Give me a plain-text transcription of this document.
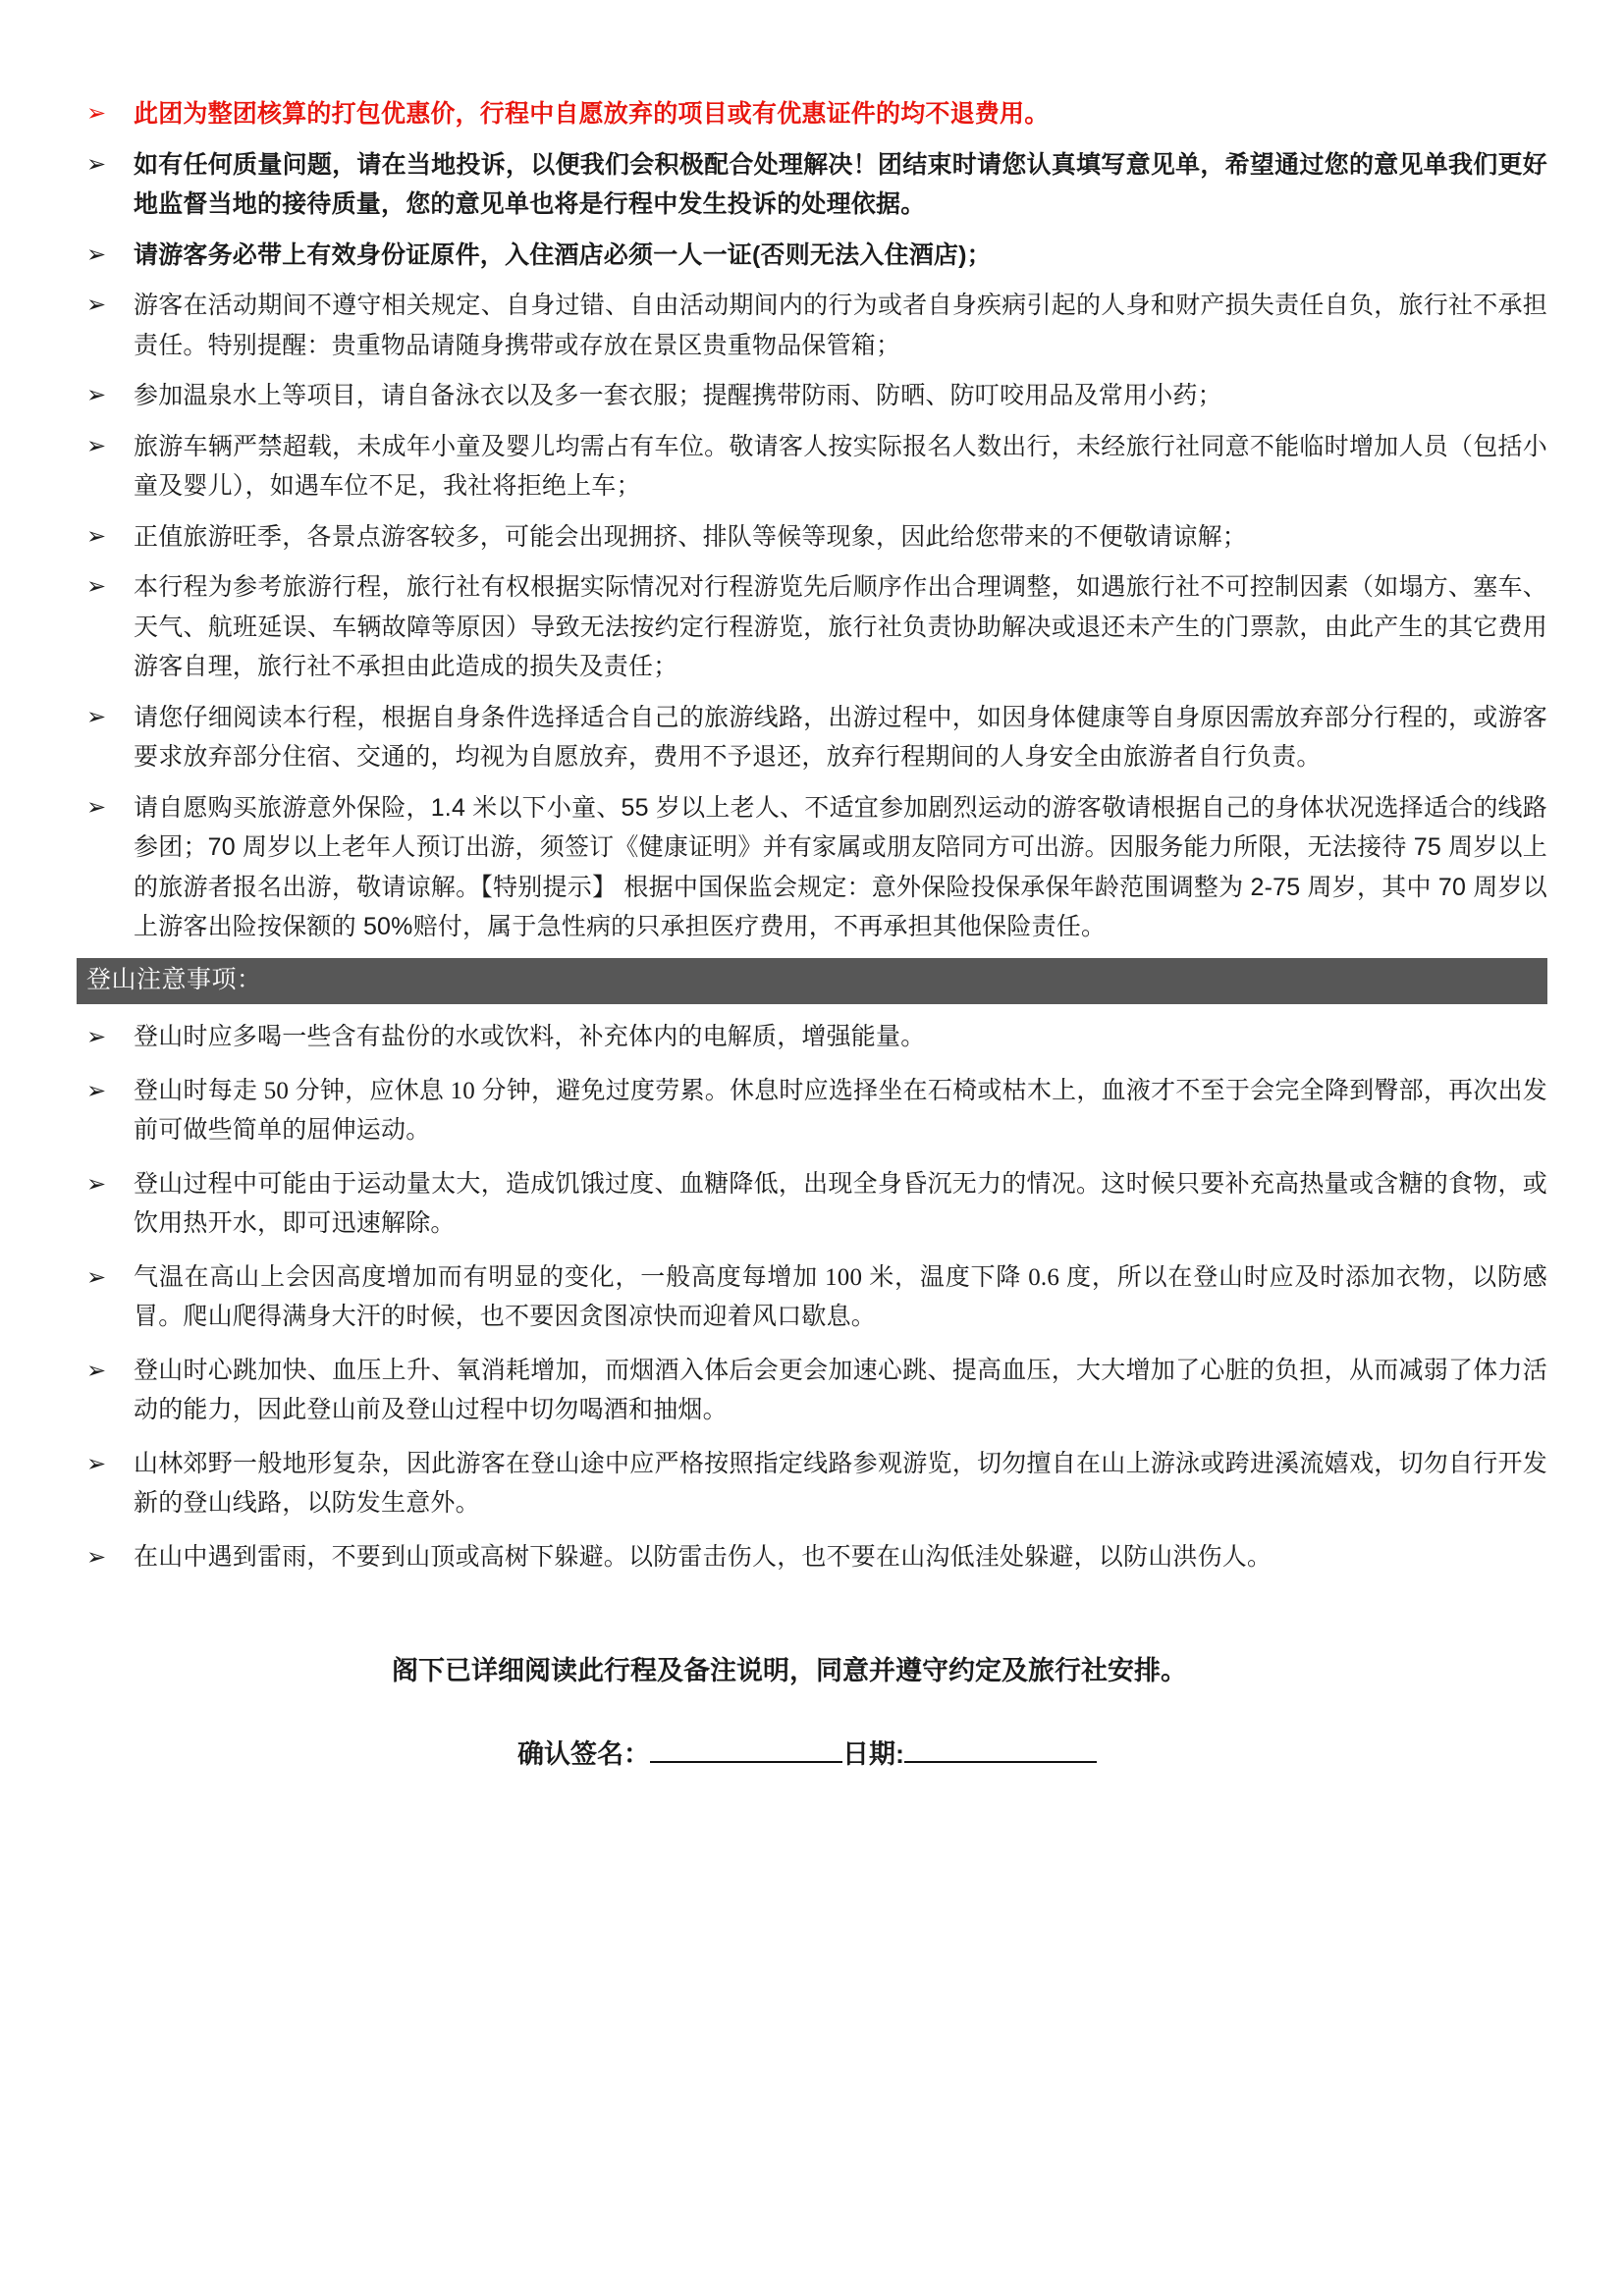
➢	此团为整团核算的打包优惠价，行程中自愿放弃的项目或有优惠证件的均不退费用。
➢	如有任何质量问题，请在当地投诉，以便我们会积极配合处理解决！团结束时请您认真填写意见单，希望通过您的意见单我们更好地监督当地的接待质量，您的意见单也将是行程中发生投诉的处理依据。
➢	请游客务必带上有效身份证原件，入住酒店必须一人一证(否则无法入住酒店)；
➢	游客在活动期间不遵守相关规定、自身过错、自由活动期间内的行为或者自身疾病引起的人身和财产损失责任自负，旅行社不承担责任。特别提醒：贵重物品请随身携带或存放在景区贵重物品保管箱；
➢	参加温泉水上等项目，请自备泳衣以及多一套衣服；提醒携带防雨、防晒、防叮咬用品及常用小药；
➢	旅游车辆严禁超载，未成年小童及婴儿均需占有车位。敬请客人按实际报名人数出行，未经旅行社同意不能临时增加人员（包括小童及婴儿），如遇车位不足，我社将拒绝上车；
➢	正值旅游旺季，各景点游客较多，可能会出现拥挤、排队等候等现象，因此给您带来的不便敬请谅解；
➢	本行程为参考旅游行程，旅行社有权根据实际情况对行程游览先后顺序作出合理调整，如遇旅行社不可控制因素（如塌方、塞车、天气、航班延误、车辆故障等原因）导致无法按约定行程游览，旅行社负责协助解决或退还未产生的门票款，由此产生的其它费用游客自理，旅行社不承担由此造成的损失及责任；
➢	请您仔细阅读本行程，根据自身条件选择适合自己的旅游线路，出游过程中，如因身体健康等自身原因需放弃部分行程的，或游客要求放弃部分住宿、交通的，均视为自愿放弃，费用不予退还，放弃行程期间的人身安全由旅游者自行负责。
➢	请自愿购买旅游意外保险，1.4 米以下小童、55 岁以上老人、不适宜参加剧烈运动的游客敬请根据自己的身体状况选择适合的线路参团；70 周岁以上老年人预订出游，须签订《健康证明》并有家属或朋友陪同方可出游。因服务能力所限，无法接待 75 周岁以上的旅游者报名出游，敬请谅解。【特别提示】 根据中国保监会规定：意外保险投保承保年龄范围调整为 2-75 周岁，其中 70 周岁以上游客出险按保额的 50%赔付，属于急性病的只承担医疗费用，不再承担其他保险责任。
登山注意事项：
➢	登山时应多喝一些含有盐份的水或饮料，补充体内的电解质，增强能量。
➢	登山时每走 50 分钟，应休息 10 分钟，避免过度劳累。休息时应选择坐在石椅或枯木上，血液才不至于会完全降到臀部，再次出发前可做些简单的屈伸运动。
➢	登山过程中可能由于运动量太大，造成饥饿过度、血糖降低，出现全身昏沉无力的情况。这时候只要补充高热量或含糖的食物，或饮用热开水，即可迅速解除。
➢	气温在高山上会因高度增加而有明显的变化，一般高度每增加 100 米，温度下降 0.6 度，所以在登山时应及时添加衣物，以防感冒。爬山爬得满身大汗的时候，也不要因贪图凉快而迎着风口歇息。
➢	登山时心跳加快、血压上升、氧消耗增加，而烟酒入体后会更会加速心跳、提高血压，大大增加了心脏的负担，从而减弱了体力活动的能力，因此登山前及登山过程中切勿喝酒和抽烟。
➢	山林郊野一般地形复杂，因此游客在登山途中应严格按照指定线路参观游览，切勿擅自在山上游泳或跨进溪流嬉戏，切勿自行开发新的登山线路，以防发生意外。
➢	在山中遇到雷雨，不要到山顶或高树下躲避。以防雷击伤人，也不要在山沟低洼处躲避，以防山洪伤人。
阁下已详细阅读此行程及备注说明，同意并遵守约定及旅行社安排。
确认签名：	日期:
